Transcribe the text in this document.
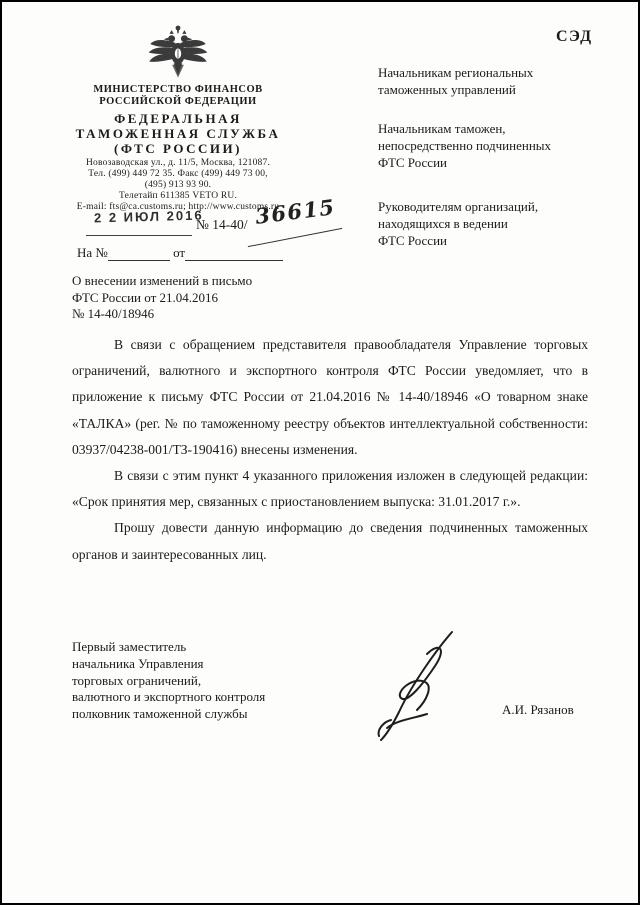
СЭД
МИНИСТЕРСТВО ФИНАНСОВ
РОССИЙСКОЙ ФЕДЕРАЦИИ
ФЕДЕРАЛЬНАЯ
ТАМОЖЕННАЯ СЛУЖБА
(ФТС РОССИИ)
Новозаводская ул., д. 11/5, Москва, 121087.
Тел. (499) 449 72 35. Факс (499) 449 73 00,
(495) 913 93 90.
Телетайп 611385 VETO RU.
E-mail: fts@ca.customs.ru; http://www.customs.ru
Начальникам региональных
таможенных управлений
Начальникам таможен,
непосредственно подчиненных
ФТС России
Руководителям организаций,
находящихся в ведении
ФТС России
2 2 ИЮЛ 2016
№ 14-40/ 36615
На №	от
О внесении изменений в письмо
ФТС России от 21.04.2016
№ 14-40/18946

В связи с обращением представителя правообладателя Управление торговых ограничений, валютного и экспортного контроля ФТС России уведомляет, что в приложение к письму ФТС России от 21.04.2016 № 14-40/18946 «О товарном знаке «ТАЛКА» (рег. № по таможенному реестру объектов интеллектуальной собственности: 03937/04238-001/ТЗ-190416) внесены изменения.

В связи с этим пункт 4 указанного приложения изложен в следующей редакции: «Срок принятия мер, связанных с приостановлением выпуска: 31.01.2017 г.».

Прошу довести данную информацию до сведения подчиненных таможенных органов и заинтересованных лиц.

Первый заместитель
начальника Управления
торговых ограничений,
валютного и экспортного контроля
полковник таможенной службы	А.И. Рязанов
